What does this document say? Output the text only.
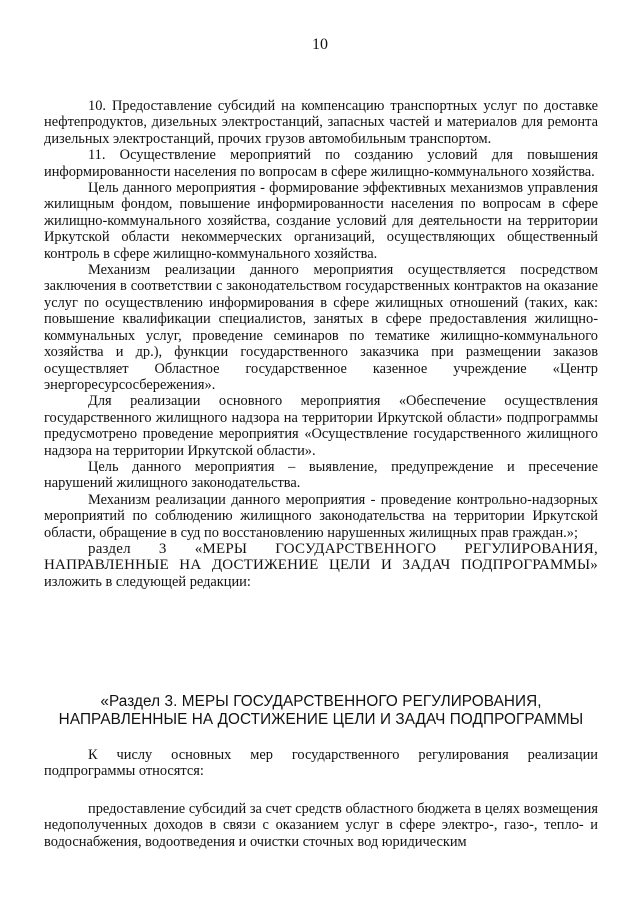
10

10. Предоставление субсидий на компенсацию транспортных услуг по доставке нефтепродуктов, дизельных электростанций, запасных частей и материалов для ремонта дизельных электростанций, прочих грузов автомобильным транспортом.

11. Осуществление мероприятий по созданию условий для повышения информированности населения по вопросам в сфере жилищно-коммунального хозяйства.

Цель данного мероприятия - формирование эффективных механизмов управления жилищным фондом, повышение информированности населения по вопросам в сфере жилищно-коммунального хозяйства, создание условий для деятельности на территории Иркутской области некоммерческих организаций, осуществляющих общественный контроль в сфере жилищно-коммунального хозяйства.

Механизм реализации данного мероприятия осуществляется посредством заключения в соответствии с законодательством государственных контрактов на оказание услуг по осуществлению информирования в сфере жилищных отношений (таких, как: повышение квалификации специалистов, занятых в сфере предоставления жилищно-коммунальных услуг, проведение семинаров по тематике жилищно-коммунального хозяйства и др.), функции государственного заказчика при размещении заказов осуществляет Областное государственное казенное учреждение «Центр энергоресурсосбережения».

Для реализации основного мероприятия «Обеспечение осуществления государственного жилищного надзора на территории Иркутской области» подпрограммы предусмотрено проведение мероприятия «Осуществление государственного жилищного надзора на территории Иркутской области».

Цель данного мероприятия – выявление, предупреждение и пресечение нарушений жилищного законодательства.

Механизм реализации данного мероприятия - проведение контрольно-надзорных мероприятий по соблюдению жилищного законодательства на территории Иркутской области, обращение в суд по восстановлению нарушенных жилищных прав граждан.»;

раздел 3 «МЕРЫ ГОСУДАРСТВЕННОГО РЕГУЛИРОВАНИЯ,

НАПРАВЛЕННЫЕ НА ДОСТИЖЕНИЕ ЦЕЛИ И ЗАДАЧ ПОДПРОГРАММЫ»

изложить в следующей редакции:

«Раздел 3. МЕРЫ ГОСУДАРСТВЕННОГО РЕГУЛИРОВАНИЯ,
НАПРАВЛЕННЫЕ НА ДОСТИЖЕНИЕ ЦЕЛИ И ЗАДАЧ ПОДПРОГРАММЫ

К числу основных мер государственного регулирования реализации подпрограммы относятся:

предоставление субсидий за счет средств областного бюджета в целях возмещения недополученных доходов в связи с оказанием услуг в сфере электро-, газо-, тепло- и водоснабжения, водоотведения и очистки сточных вод юридическим
